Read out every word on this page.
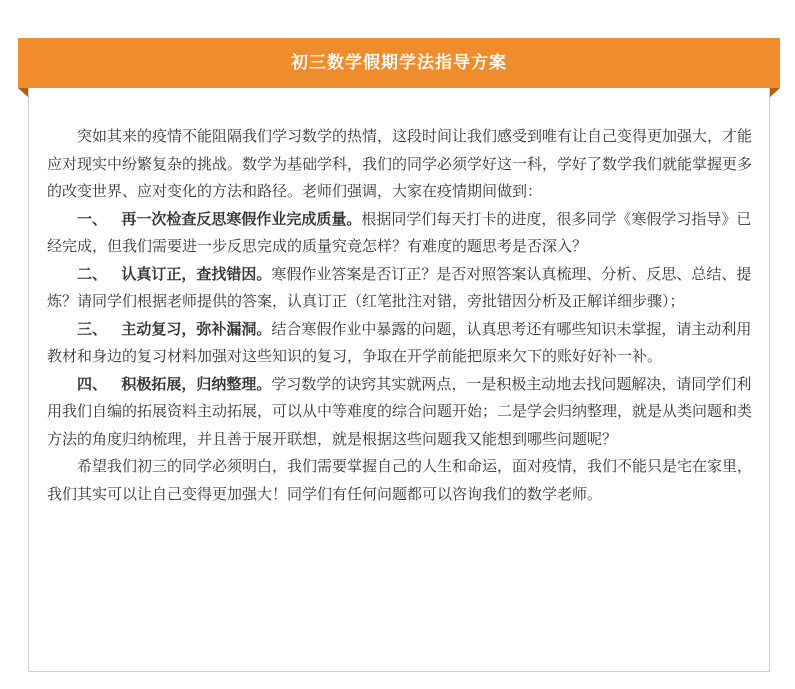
初三数学假期学法指导方案

突如其来的疫情不能阻隔我们学习数学的热情，这段时间让我们感受到唯有让自己变得更加强大，才能应对现实中纷繁复杂的挑战。数学为基础学科，我们的同学必须学好这一科，学好了数学我们就能掌握更多的改变世界、应对变化的方法和路径。老师们强调，大家在疫情期间做到：

一、 再一次检查反思寒假作业完成质量。根据同学们每天打卡的进度，很多同学《寒假学习指导》已经完成，但我们需要进一步反思完成的质量究竟怎样？有难度的题思考是否深入？

二、 认真订正，查找错因。寒假作业答案是否订正？是否对照答案认真梳理、分析、反思、总结、提炼？请同学们根据老师提供的答案，认真订正（红笔批注对错，旁批错因分析及正解详细步骤）；

三、 主动复习，弥补漏洞。结合寒假作业中暴露的问题，认真思考还有哪些知识未掌握，请主动利用教材和身边的复习材料加强对这些知识的复习，争取在开学前能把原来欠下的账好好补一补。

四、 积极拓展，归纳整理。学习数学的诀窍其实就两点，一是积极主动地去找问题解决，请同学们利用我们自编的拓展资料主动拓展，可以从中等难度的综合问题开始；二是学会归纳整理，就是从类问题和类方法的角度归纳梳理，并且善于展开联想，就是根据这些问题我又能想到哪些问题呢？

希望我们初三的同学必须明白，我们需要掌握自己的人生和命运，面对疫情，我们不能只是宅在家里，我们其实可以让自己变得更加强大！同学们有任何问题都可以咨询我们的数学老师。
